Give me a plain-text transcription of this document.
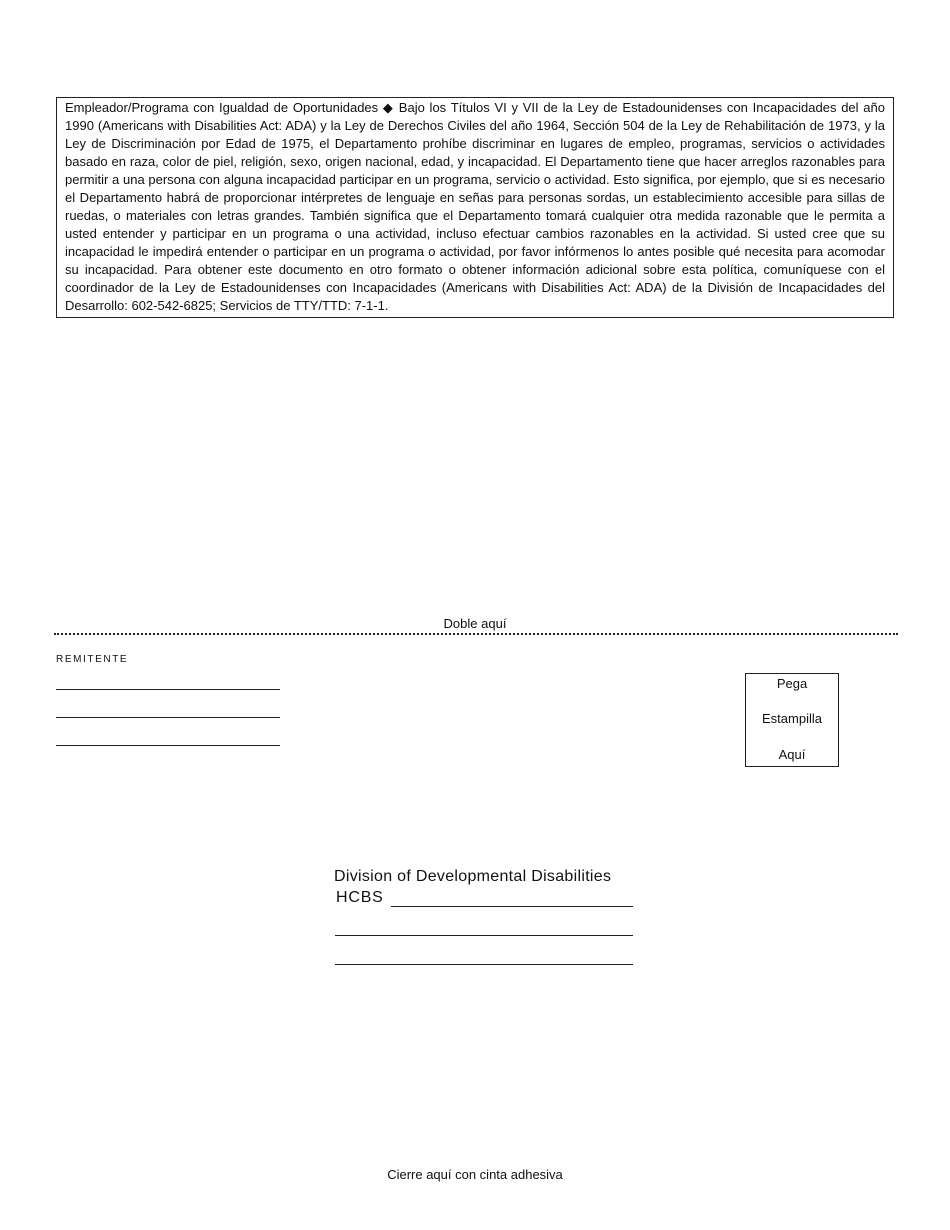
Empleador/Programa con Igualdad de Oportunidades ◆ Bajo los Títulos VI y VII de la Ley de Estadounidenses con Incapacidades del año 1990 (Americans with Disabilities Act: ADA) y la Ley de Derechos Civiles del año 1964, Sección 504 de la Ley de Rehabilitación de 1973, y la Ley de Discriminación por Edad de 1975, el Departamento prohíbe discriminar en lugares de empleo, programas, servicios o actividades basado en raza, color de piel, religión, sexo, origen nacional, edad, y incapacidad. El Departamento tiene que hacer arreglos razonables para permitir a una persona con alguna incapacidad participar en un programa, servicio o actividad. Esto significa, por ejemplo, que si es necesario el Departamento habrá de proporcionar intérpretes de lenguaje en señas para personas sordas, un establecimiento accesible para sillas de ruedas, o materiales con letras grandes. También significa que el Departamento tomará cualquier otra medida razonable que le permita a usted entender y participar en un programa o una actividad, incluso efectuar cambios razonables en la actividad. Si usted cree que su incapacidad le impedirá entender o participar en un programa o actividad, por favor infórmenos lo antes posible qué necesita para acomodar su incapacidad. Para obtener este documento en otro formato o obtener información adicional sobre esta política, comuníquese con el coordinador de la Ley de Estadounidenses con Incapacidades (Americans with Disabilities Act: ADA) de la División de Incapacidades del Desarrollo: 602-542-6825; Servicios de TTY/TTD: 7-1-1.
Doble aquí
REMITENTE
Pega
Estampilla
Aquí
Division of Developmental Disabilities
HCBS
Cierre aquí con cinta adhesiva
